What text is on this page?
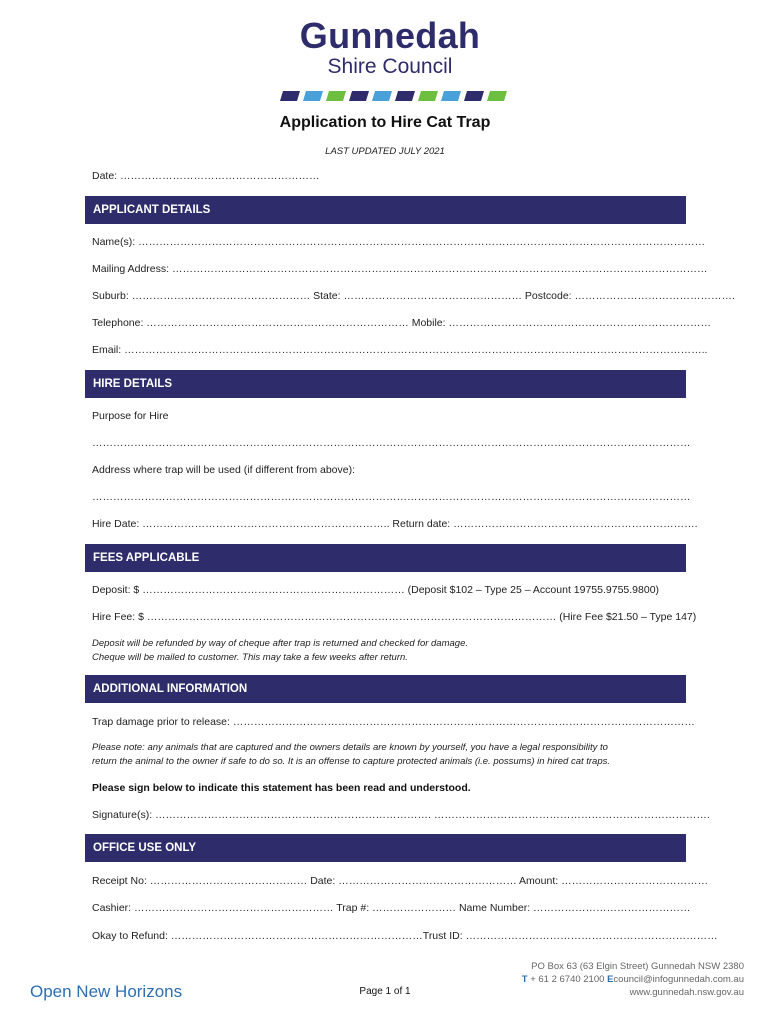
Gunnedah
Shire Council
Application to Hire Cat Trap
LAST UPDATED JULY 2021
Date: …………………………………………………
APPLICANT DETAILS
Name(s): ………………………………………………………………………………………………………………………………………………
Mailing Address: ………………………………………………………………………………………………………………………………………
Suburb: …………………………………………… State: …………………………………………… Postcode: ……………………………………….
Telephone: ………………………………………………………………… Mobile: …………………………………………………………………
Email: …………………………………………………………………………………………………………………………………………………..
HIRE DETAILS
Purpose for Hire
………………………………………………………………………………………………………………………………………………………
Address where trap will be used (if different from above):
………………………………………………………………………………………………………………………………………………………
Hire Date: …………………………………………………………….. Return date: …………………………………………………………….
FEES APPLICABLE
Deposit: $ ………………………………………………………………… (Deposit $102 – Type 25 – Account 19755.9755.9800)
Hire Fee: $ ……………………………………………………………………………………………………… (Hire Fee $21.50 – Type 147)
Deposit will be refunded by way of cheque after trap is returned and checked for damage.
Cheque will be mailed to customer. This may take a few weeks after return.
ADDITIONAL INFORMATION
Trap damage prior to release: ……………………………………………………………………………………………………………………
Please note: any animals that are captured and the owners details are known by yourself, you have a legal responsibility to
return the animal to the owner if safe to do so. It is an offense to capture protected animals (i.e. possums) in hired cat traps.
Please sign below to indicate this statement has been read and understood.
Signature(s): ……………………………………………………………………. …………………………………………………………………….
OFFICE USE ONLY
Receipt No: ……………………………………… Date: …………………………………………… Amount: ……………………………………
Cashier: ………………………………………………… Trap #: …………………… Name Number: ………………………………………
Okay to Refund: ………………………………………………………………Trust ID: ………………………………………………………………
Open New Horizons	Page 1 of 1
PO Box 63 (63 Elgin Street) Gunnedah NSW 2380
T + 61 2 6740 2100 Ecouncil@infogunnedah.com.au
www.gunnedah.nsw.gov.au
